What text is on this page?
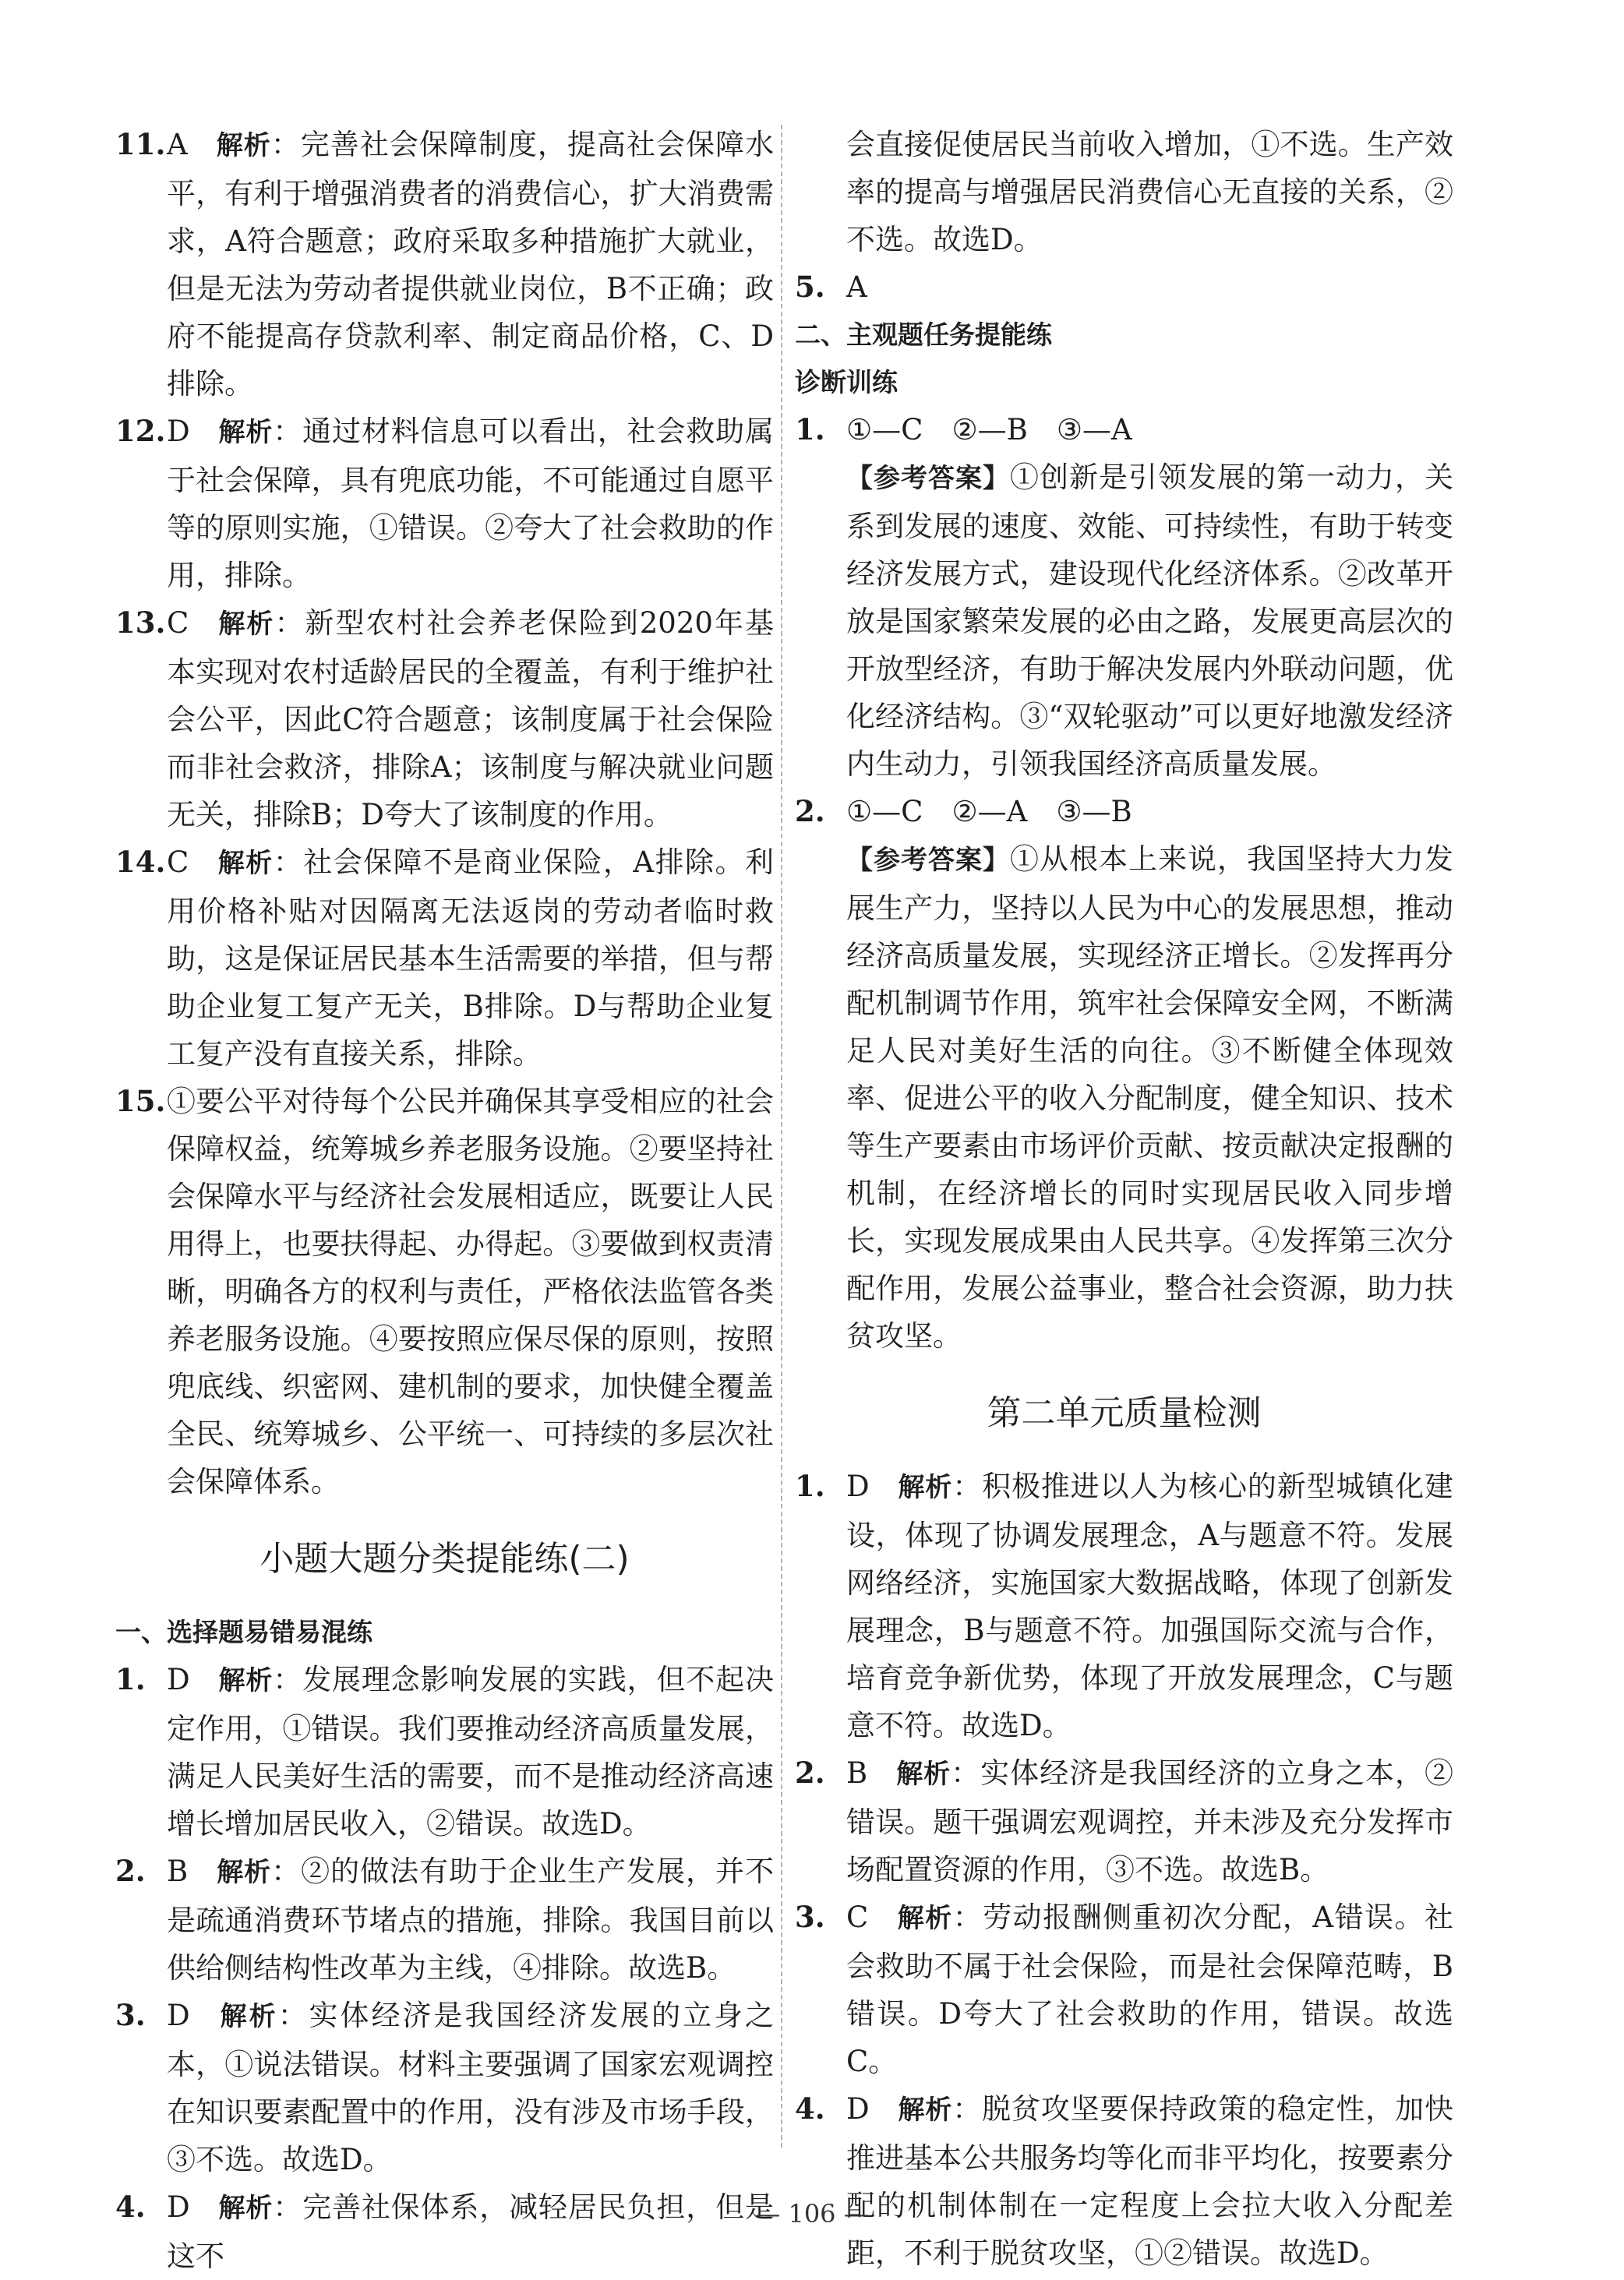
11. A 解析：完善社会保障制度，提高社会保障水平，有利于增强消费者的消费信心，扩大消费需求，A符合题意；政府采取多种措施扩大就业，但是无法为劳动者提供就业岗位，B不正确；政府不能提高存贷款利率、制定商品价格，C、D排除。

12. D 解析：通过材料信息可以看出，社会救助属于社会保障，具有兜底功能，不可能通过自愿平等的原则实施，①错误。②夸大了社会救助的作用，排除。

13. C 解析：新型农村社会养老保险到2020年基本实现对农村适龄居民的全覆盖，有利于维护社会公平，因此C符合题意；该制度属于社会保险而非社会救济，排除A；该制度与解决就业问题无关，排除B；D夸大了该制度的作用。

14. C 解析：社会保障不是商业保险，A排除。利用价格补贴对因隔离无法返岗的劳动者临时救助，这是保证居民基本生活需要的举措，但与帮助企业复工复产无关，B排除。D与帮助企业复工复产没有直接关系，排除。

15. ①要公平对待每个公民并确保其享受相应的社会保障权益，统筹城乡养老服务设施。②要坚持社会保障水平与经济社会发展相适应，既要让人民用得上，也要扶得起、办得起。③要做到权责清晰，明确各方的权利与责任，严格依法监管各类养老服务设施。④要按照应保尽保的原则，按照兜底线、织密网、建机制的要求，加快健全覆盖全民、统筹城乡、公平统一、可持续的多层次社会保障体系。

小题大题分类提能练(二)

一、选择题易错易混练

1. D 解析：发展理念影响发展的实践，但不起决定作用，①错误。我们要推动经济高质量发展，满足人民美好生活的需要，而不是推动经济高速增长增加居民收入，②错误。故选D。

2. B 解析：②的做法有助于企业生产发展，并不是疏通消费环节堵点的措施，排除。我国目前以供给侧结构性改革为主线，④排除。故选B。

3. D 解析：实体经济是我国经济发展的立身之本，①说法错误。材料主要强调了国家宏观调控在知识要素配置中的作用，没有涉及市场手段，③不选。故选D。

4. D 解析：完善社保体系，减轻居民负担，但是这不

会直接促使居民当前收入增加，①不选。生产效率的提高与增强居民消费信心无直接的关系，②不选。故选D。

5. A

二、主观题任务提能练

诊断训练

1. ①—C　②—B　③—A

【参考答案】①创新是引领发展的第一动力，关系到发展的速度、效能、可持续性，有助于转变经济发展方式，建设现代化经济体系。②改革开放是国家繁荣发展的必由之路，发展更高层次的开放型经济，有助于解决发展内外联动问题，优化经济结构。③“双轮驱动”可以更好地激发经济内生动力，引领我国经济高质量发展。

2. ①—C　②—A　③—B

【参考答案】①从根本上来说，我国坚持大力发展生产力，坚持以人民为中心的发展思想，推动经济高质量发展，实现经济正增长。②发挥再分配机制调节作用，筑牢社会保障安全网，不断满足人民对美好生活的向往。③不断健全体现效率、促进公平的收入分配制度，健全知识、技术等生产要素由市场评价贡献、按贡献决定报酬的机制，在经济增长的同时实现居民收入同步增长，实现发展成果由人民共享。④发挥第三次分配作用，发展公益事业，整合社会资源，助力扶贫攻坚。

第二单元质量检测

1. D 解析：积极推进以人为核心的新型城镇化建设，体现了协调发展理念，A与题意不符。发展网络经济，实施国家大数据战略，体现了创新发展理念，B与题意不符。加强国际交流与合作，培育竞争新优势，体现了开放发展理念，C与题意不符。故选D。

2. B 解析：实体经济是我国经济的立身之本，②错误。题干强调宏观调控，并未涉及充分发挥市场配置资源的作用，③不选。故选B。

3. C 解析：劳动报酬侧重初次分配，A错误。社会救助不属于社会保险，而是社会保障范畴，B错误。D夸大了社会救助的作用，错误。故选C。

4. D 解析：脱贫攻坚要保持政策的稳定性，加快推进基本公共服务均等化而非平均化，按要素分配的机制体制在一定程度上会拉大收入分配差距，不利于脱贫攻坚，①②错误。故选D。

— 106 —
